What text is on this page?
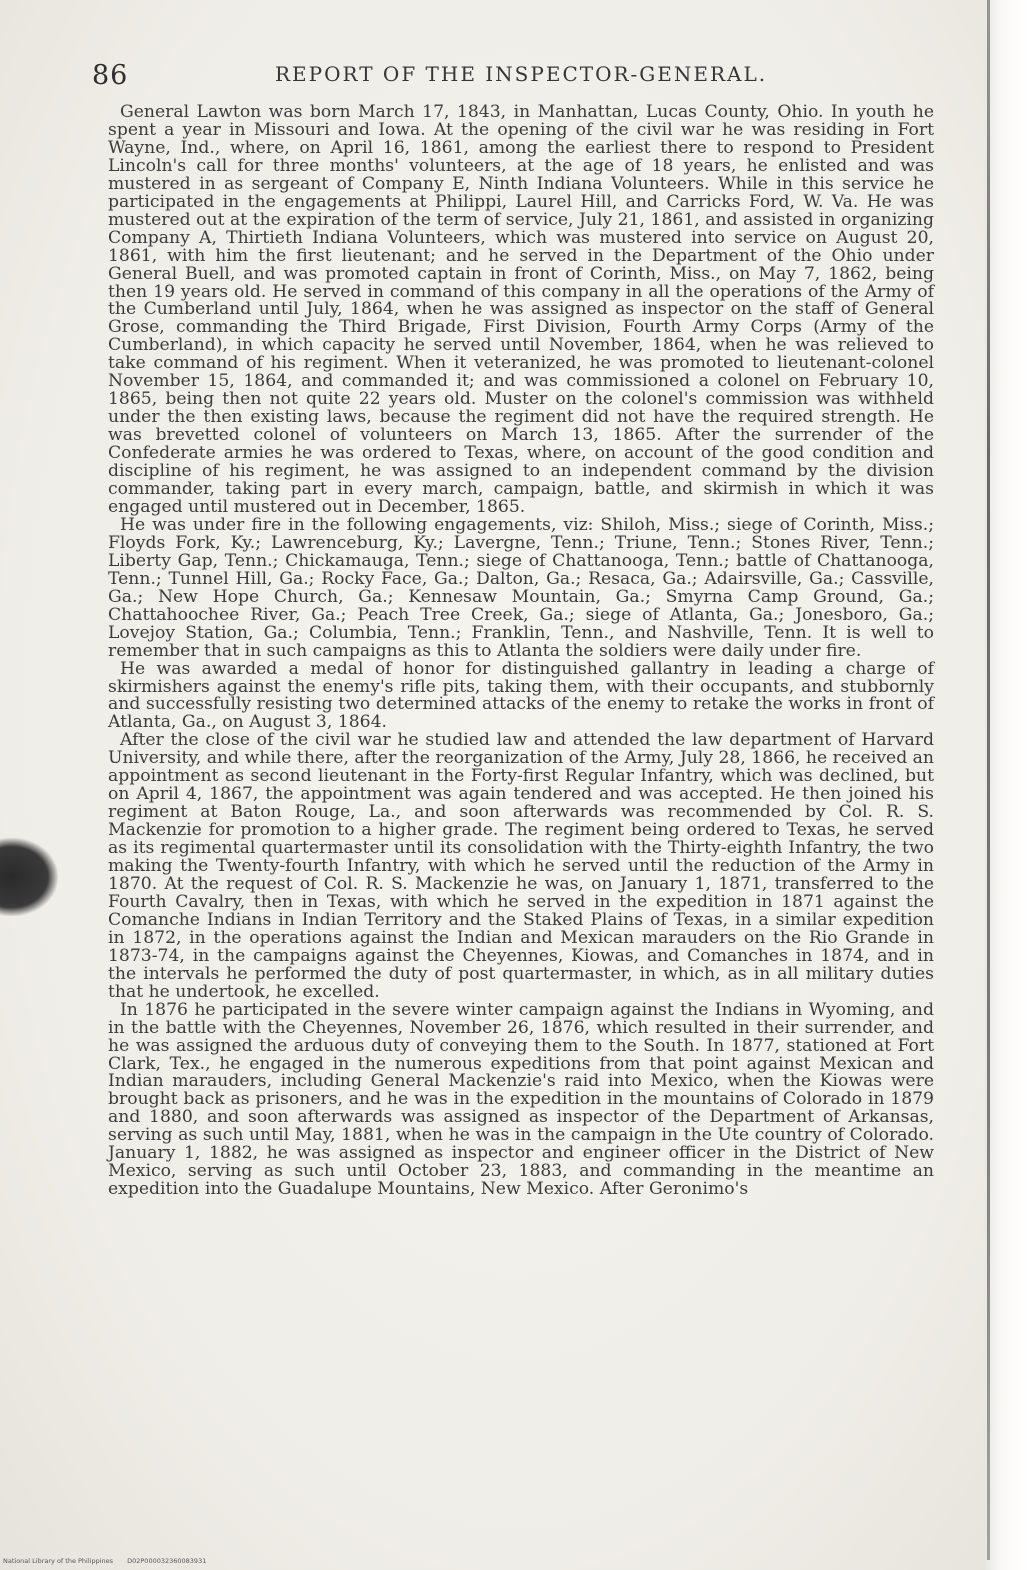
86	REPORT OF THE INSPECTOR-GENERAL.

General Lawton was born March 17, 1843, in Manhattan, Lucas County, Ohio. In youth he spent a year in Missouri and Iowa. At the opening of the civil war he was residing in Fort Wayne, Ind., where, on April 16, 1861, among the earliest there to respond to President Lincoln's call for three months' volunteers, at the age of 18 years, he enlisted and was mustered in as sergeant of Company E, Ninth Indiana Volunteers. While in this service he participated in the engagements at Philippi, Laurel Hill, and Carricks Ford, W. Va. He was mustered out at the expiration of the term of service, July 21, 1861, and assisted in organizing Company A, Thirtieth Indiana Volunteers, which was mustered into service on August 20, 1861, with him the first lieutenant; and he served in the Department of the Ohio under General Buell, and was promoted captain in front of Corinth, Miss., on May 7, 1862, being then 19 years old. He served in command of this company in all the operations of the Army of the Cumberland until July, 1864, when he was assigned as inspector on the staff of General Grose, commanding the Third Brigade, First Division, Fourth Army Corps (Army of the Cumberland), in which capacity he served until November, 1864, when he was relieved to take command of his regiment. When it veteranized, he was promoted to lieutenant-colonel November 15, 1864, and commanded it; and was commissioned a colonel on February 10, 1865, being then not quite 22 years old. Muster on the colonel's commission was withheld under the then existing laws, because the regiment did not have the required strength. He was brevetted colonel of volunteers on March 13, 1865. After the surrender of the Confederate armies he was ordered to Texas, where, on account of the good condition and discipline of his regiment, he was assigned to an independent command by the division commander, taking part in every march, campaign, battle, and skirmish in which it was engaged until mustered out in December, 1865.

He was under fire in the following engagements, viz: Shiloh, Miss.; siege of Corinth, Miss.; Floyds Fork, Ky.; Lawrenceburg, Ky.; Lavergne, Tenn.; Triune, Tenn.; Stones River, Tenn.; Liberty Gap, Tenn.; Chickamauga, Tenn.; siege of Chattanooga, Tenn.; battle of Chattanooga, Tenn.; Tunnel Hill, Ga.; Rocky Face, Ga.; Dalton, Ga.; Resaca, Ga.; Adairsville, Ga.; Cassville, Ga.; New Hope Church, Ga.; Kennesaw Mountain, Ga.; Smyrna Camp Ground, Ga.; Chattahoochee River, Ga.; Peach Tree Creek, Ga.; siege of Atlanta, Ga.; Jonesboro, Ga.; Lovejoy Station, Ga.; Columbia, Tenn.; Franklin, Tenn., and Nashville, Tenn. It is well to remember that in such campaigns as this to Atlanta the soldiers were daily under fire.

He was awarded a medal of honor for distinguished gallantry in leading a charge of skirmishers against the enemy's rifle pits, taking them, with their occupants, and stubbornly and successfully resisting two determined attacks of the enemy to retake the works in front of Atlanta, Ga., on August 3, 1864.

After the close of the civil war he studied law and attended the law department of Harvard University, and while there, after the reorganization of the Army, July 28, 1866, he received an appointment as second lieutenant in the Forty-first Regular Infantry, which was declined, but on April 4, 1867, the appointment was again tendered and was accepted. He then joined his regiment at Baton Rouge, La., and soon afterwards was recommended by Col. R. S. Mackenzie for promotion to a higher grade. The regiment being ordered to Texas, he served as its regimental quartermaster until its consolidation with the Thirty-eighth Infantry, the two making the Twenty-fourth Infantry, with which he served until the reduction of the Army in 1870. At the request of Col. R. S. Mackenzie he was, on January 1, 1871, transferred to the Fourth Cavalry, then in Texas, with which he served in the expedition in 1871 against the Comanche Indians in Indian Territory and the Staked Plains of Texas, in a similar expedition in 1872, in the operations against the Indian and Mexican marauders on the Rio Grande in 1873-74, in the campaigns against the Cheyennes, Kiowas, and Comanches in 1874, and in the intervals he performed the duty of post quartermaster, in which, as in all military duties that he undertook, he excelled.

In 1876 he participated in the severe winter campaign against the Indians in Wyoming, and in the battle with the Cheyennes, November 26, 1876, which resulted in their surrender, and he was assigned the arduous duty of conveying them to the South. In 1877, stationed at Fort Clark, Tex., he engaged in the numerous expeditions from that point against Mexican and Indian marauders, including General Mackenzie's raid into Mexico, when the Kiowas were brought back as prisoners, and he was in the expedition in the mountains of Colorado in 1879 and 1880, and soon afterwards was assigned as inspector of the Department of Arkansas, serving as such until May, 1881, when he was in the campaign in the Ute country of Colorado. January 1, 1882, he was assigned as inspector and engineer officer in the District of New Mexico, serving as such until October 23, 1883, and commanding in the meantime an expedition into the Guadalupe Mountains, New Mexico. After Geronimo's

National Library of the Philippines D02P000032360083931
